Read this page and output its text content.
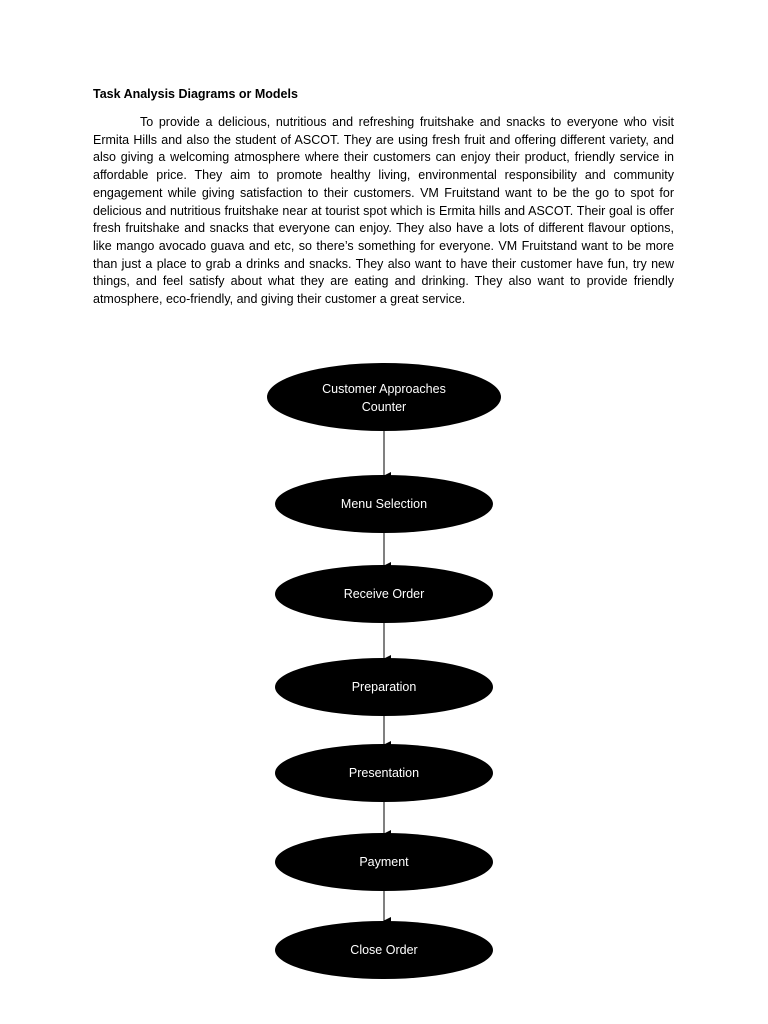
Task Analysis Diagrams or Models

To provide a delicious, nutritious and refreshing fruitshake and snacks to everyone who visit Ermita Hills and also the student of ASCOT. They are using fresh fruit and offering different variety, and also giving a welcoming atmosphere where their customers can enjoy their product, friendly service in affordable price. They aim to promote healthy living, environmental responsibility and community engagement while giving satisfaction to their customers. VM Fruitstand want to be the go to spot for delicious and nutritious fruitshake near at tourist spot which is Ermita hills and ASCOT. Their goal is offer fresh fruitshake and snacks that everyone can enjoy. They also have a lots of different flavour options, like mango avocado guava and etc, so there’s something for everyone. VM Fruitstand want to be more than just a place to grab a drinks and snacks. They also want to have their customer have fun, try new things, and feel satisfy about what they are eating and drinking. They also want to provide friendly atmosphere, eco-friendly, and giving their customer a great service.

Customer Approaches
Counter
Menu Selection
Receive Order
Preparation
Presentation
Payment
Close Order
